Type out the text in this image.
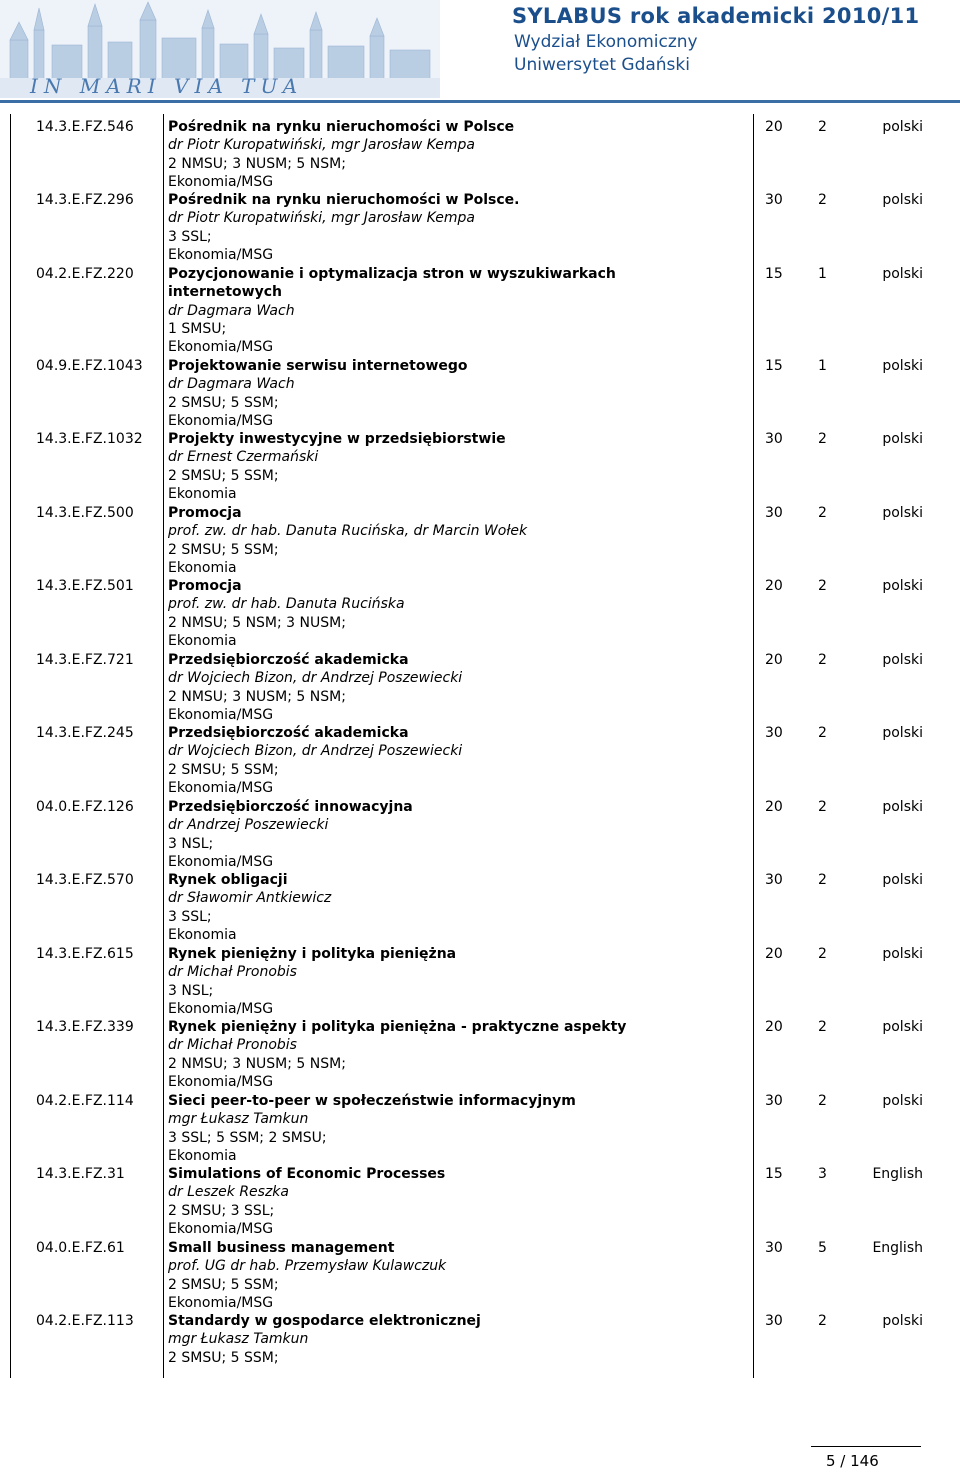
IN MARI VIA TUA
SYLABUS rok akademicki 2010/11
Wydział Ekonomiczny
Uniwersytet Gdański
14.3.E.FZ.546 Pośrednik na rynku nieruchomości w Polsce
dr Piotr Kuropatwiński, mgr Jarosław Kempa
2 NMSU; 3 NUSM; 5 NSM;
Ekonomia/MSG
20	2	polski
14.3.E.FZ.296 Pośrednik na rynku nieruchomości w Polsce.
dr Piotr Kuropatwiński, mgr Jarosław Kempa
3 SSL;
Ekonomia/MSG
30	2	polski
04.2.E.FZ.220	Pozycjonowanie i optymalizacja stron w wyszukiwarkach internetowych
dr Dagmara Wach
1 SMSU;
Ekonomia/MSG
15	1	polski
04.9.E.FZ.1043 Projektowanie serwisu internetowego
dr Dagmara Wach
2 SMSU; 5 SSM;
Ekonomia/MSG
15	1	polski
14.3.E.FZ.1032 Projekty inwestycyjne w przedsiębiorstwie
dr Ernest Czermański
2 SMSU; 5 SSM;
Ekonomia
30	2	polski
14.3.E.FZ.500 Promocja
prof. zw. dr hab. Danuta Rucińska, dr Marcin Wołek
2 SMSU; 5 SSM;
Ekonomia
30	2	polski
14.3.E.FZ.501 Promocja
prof. zw. dr hab. Danuta Rucińska
2 NMSU; 5 NSM; 3 NUSM;
Ekonomia
20	2	polski
14.3.E.FZ.721 Przedsiębiorczość akademicka
dr Wojciech Bizon, dr Andrzej Poszewiecki
2 NMSU; 3 NUSM; 5 NSM;
Ekonomia/MSG
20	2	polski
14.3.E.FZ.245 Przedsiębiorczość akademicka
dr Wojciech Bizon, dr Andrzej Poszewiecki
2 SMSU; 5 SSM;
Ekonomia/MSG
30	2	polski
04.0.E.FZ.126 Przedsiębiorczość innowacyjna
dr Andrzej Poszewiecki
3 NSL;
Ekonomia/MSG
20	2	polski
14.3.E.FZ.570 Rynek obligacji
dr Sławomir Antkiewicz
3 SSL;
Ekonomia
30	2	polski
14.3.E.FZ.615 Rynek pieniężny i polityka pieniężna
dr Michał Pronobis
3 NSL;
Ekonomia/MSG
20	2	polski
14.3.E.FZ.339 Rynek pieniężny i polityka pieniężna - praktyczne aspekty
dr Michał Pronobis
2 NMSU; 3 NUSM; 5 NSM;
Ekonomia/MSG
20	2	polski
04.2.E.FZ.114 Sieci peer-to-peer w społeczeństwie informacyjnym
mgr Łukasz Tamkun
3 SSL; 5 SSM; 2 SMSU;
Ekonomia
30	2	polski
14.3.E.FZ.31	Simulations of Economic Processes
dr Leszek Reszka
2 SMSU; 3 SSL;
Ekonomia/MSG
15	3	English
04.0.E.FZ.61	Small business management
prof. UG dr hab. Przemysław Kulawczuk
2 SMSU; 5 SSM;
Ekonomia/MSG
30	5	English
04.2.E.FZ.113 Standardy w gospodarce elektronicznej
mgr Łukasz Tamkun
2 SMSU; 5 SSM;
30	2	polski
5 / 146
